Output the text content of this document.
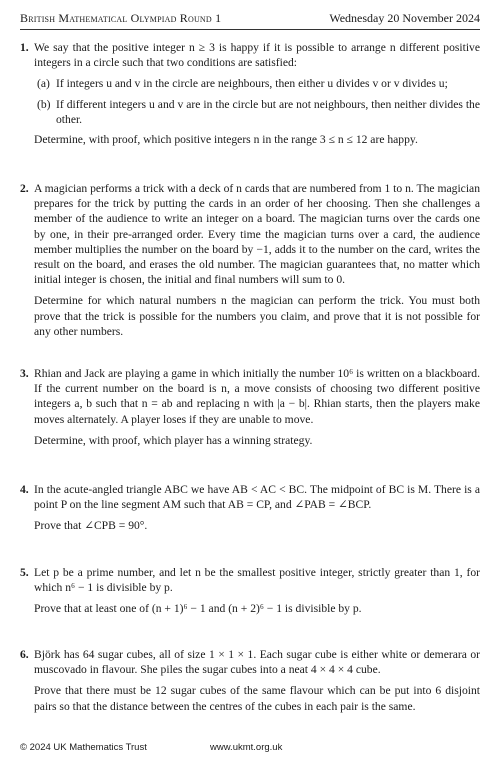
British Mathematical Olympiad Round 1	Wednesday 20 November 2024
1. We say that the positive integer n ≥ 3 is happy if it is possible to arrange n different positive integers in a circle such that two conditions are satisfied:

(a) If integers u and v in the circle are neighbours, then either u divides v or v divides u;
(b) If different integers u and v are in the circle but are not neighbours, then neither divides the other.

Determine, with proof, which positive integers n in the range 3 ≤ n ≤ 12 are happy.

2. A magician performs a trick with a deck of n cards that are numbered from 1 to n. The magician prepares for the trick by putting the cards in an order of her choosing. Then she challenges a member of the audience to write an integer on a board. The magician turns over the cards one by one, in their pre-arranged order. Every time the magician turns over a card, the audience member multiplies the number on the board by −1, adds it to the number on the card, writes the result on the board, and erases the old number. The magician guarantees that, no matter which initial integer is chosen, the initial and final numbers will sum to 0.

Determine for which natural numbers n the magician can perform the trick. You must both prove that the trick is possible for the numbers you claim, and prove that it is not possible for any other numbers.

3. Rhian and Jack are playing a game in which initially the number 10⁶ is written on a blackboard. If the current number on the board is n, a move consists of choosing two different positive integers a, b such that n = ab and replacing n with |a − b|. Rhian starts, then the players make moves alternately. A player loses if they are unable to move.

Determine, with proof, which player has a winning strategy.

4. In the acute-angled triangle ABC we have AB < AC < BC. The midpoint of BC is M. There is a point P on the line segment AM such that AB = CP, and ∠PAB = ∠BCP.

Prove that ∠CPB = 90°.

5. Let p be a prime number, and let n be the smallest positive integer, strictly greater than 1, for which n⁶ − 1 is divisible by p.

Prove that at least one of (n + 1)⁶ − 1 and (n + 2)⁶ − 1 is divisible by p.

6. Björk has 64 sugar cubes, all of size 1 × 1 × 1. Each sugar cube is either white or demerara or muscovado in flavour. She piles the sugar cubes into a neat 4 × 4 × 4 cube.

Prove that there must be 12 sugar cubes of the same flavour which can be put into 6 disjoint pairs so that the distance between the centres of the cubes in each pair is the same.

© 2024 UK Mathematics Trust	www.ukmt.org.uk
